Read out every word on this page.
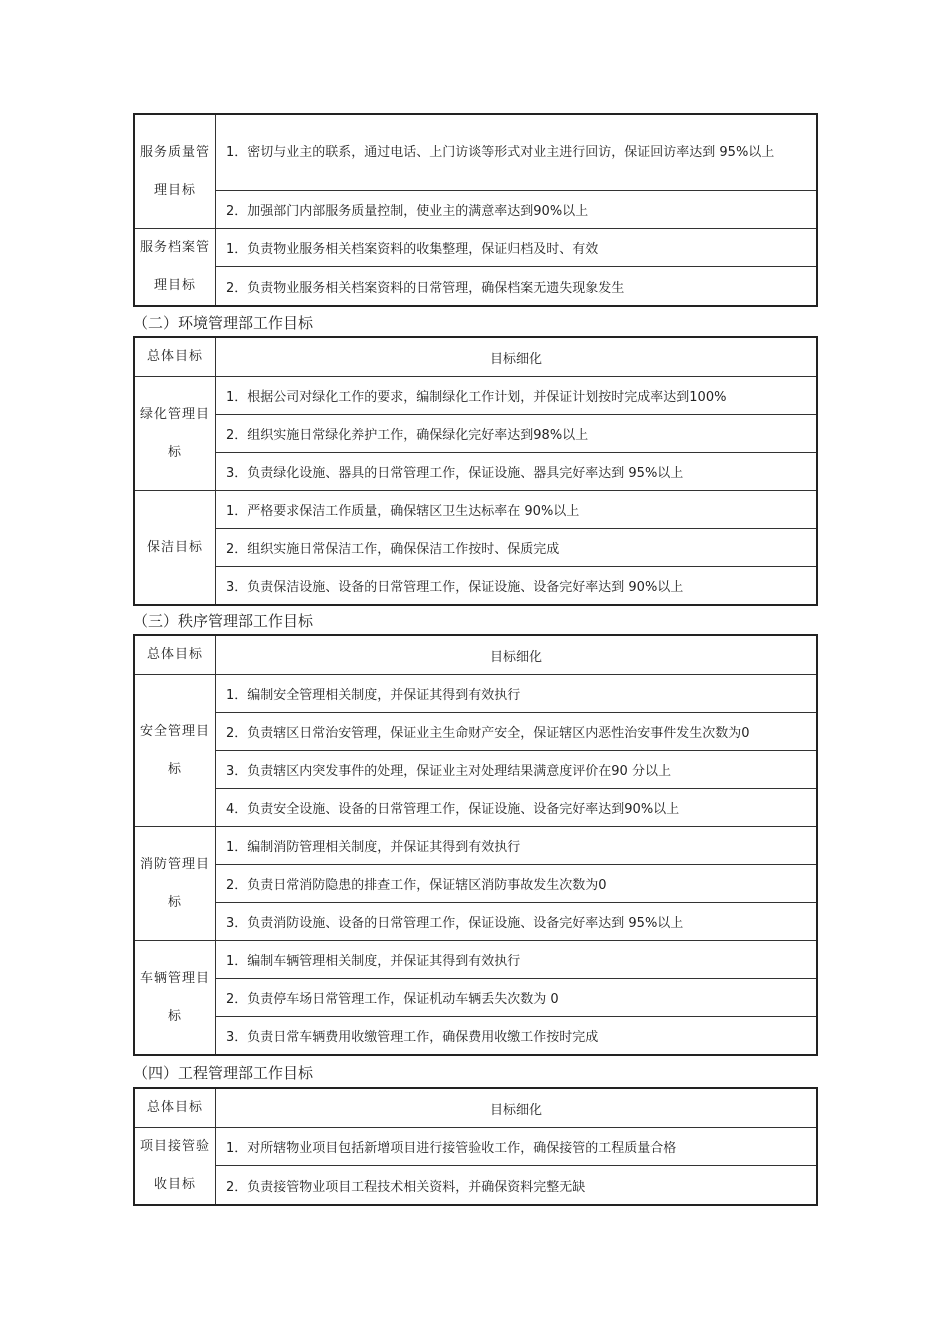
服务质量管理目标	1．密切与业主的联系，通过电话、上门访谈等形式对业主进行回访，保证回访率达到 95%以上

	2．加强部门内部服务质量控制，使业主的满意率达到90%以上
服务档案管理目标	1．负责物业服务相关档案资料的收集整理，保证归档及时、有效
	2．负责物业服务相关档案资料的日常管理，确保档案无遗失现象发生
（二）环境管理部工作目标
总体目标	目标细化
绿化管理目标	1．根据公司对绿化工作的要求，编制绿化工作计划，并保证计划按时完成率达到100%
	2．组织实施日常绿化养护工作，确保绿化完好率达到98%以上
	3．负责绿化设施、器具的日常管理工作，保证设施、器具完好率达到 95%以上
保洁目标	1．严格要求保洁工作质量，确保辖区卫生达标率在 90%以上
	2．组织实施日常保洁工作，确保保洁工作按时、保质完成
	3．负责保洁设施、设备的日常管理工作，保证设施、设备完好率达到 90%以上
（三）秩序管理部工作目标
总体目标	目标细化
安全管理目标	1．编制安全管理相关制度，并保证其得到有效执行
	2．负责辖区日常治安管理，保证业主生命财产安全，保证辖区内恶性治安事件发生次数为0
	3．负责辖区内突发事件的处理，保证业主对处理结果满意度评价在90 分以上
	4．负责安全设施、设备的日常管理工作，保证设施、设备完好率达到90%以上
消防管理目标	1．编制消防管理相关制度，并保证其得到有效执行
	2．负责日常消防隐患的排查工作，保证辖区消防事故发生次数为0
	3．负责消防设施、设备的日常管理工作，保证设施、设备完好率达到 95%以上
车辆管理目标	1．编制车辆管理相关制度，并保证其得到有效执行
	2．负责停车场日常管理工作，保证机动车辆丢失次数为 0
	3．负责日常车辆费用收缴管理工作，确保费用收缴工作按时完成
（四）工程管理部工作目标
总体目标	目标细化
项目接管验收目标	1．对所辖物业项目包括新增项目进行接管验收工作，确保接管的工程质量合格
	2．负责接管物业项目工程技术相关资料，并确保资料完整无缺
